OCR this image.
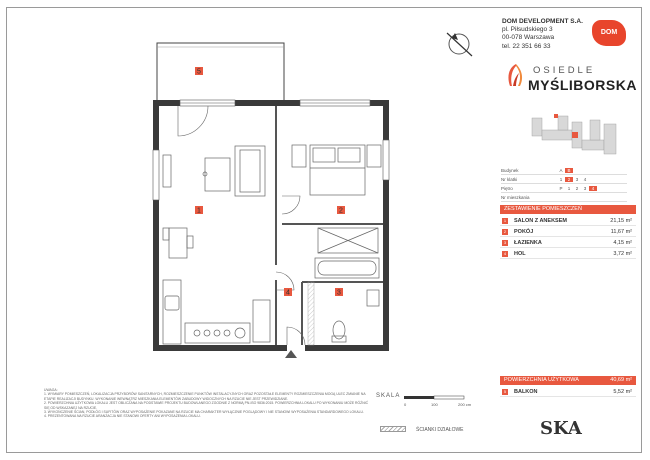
1	2
3
4
5
DOM DEVELOPMENT S.A.
pl. Piłsudskiego 3
00-078 Warszawa
tel. 22 351 66 33
DOM
OSIEDLE
MYŚLIBORSKA
Budynek	A	B
Nr klatki	1	2	3	4
Piętro	P	1	2	3	4
Nr mieszkania
ZESTAWIENIE POMIESZCZEŃ
1	SALON Z ANEKSEM	21,15 m²
2	POKÓJ	11,67 m²
3	ŁAZIENKA	4,15 m²
4	HOL	3,72 m²
POWIERZCHNIA UŻYTKOWA	40,69 m²
5	BALKON	5,52 m²
UWAGA:
1. WYMIARY POMIESZCZEŃ, LOKALIZACJA PRZYBORÓW SANITARNYCH, ROZMIESZCZENIE PUNKTÓW INSTALACYJNYCH ORAZ POZOSTAŁE ELEMENTY ROZMIESZCZENIA MOGĄ ULEC ZMIANIE NA ETAPIE REALIZACJI BUDYNKU. WYKONANIE WEWNĄTRZ MIESZKANIA ELEMENTÓW ZABUDOWY WIDOCZNYCH NA RZUCIE NIE JEST PRZEWIDZIANE.
2. POWIERZCHNIA UŻYTKOWA LOKALU JEST OBLICZANA NA PODSTAWIE PROJEKTU BUDOWLANEGO ZGODNIE Z NORMĄ PN-ISO 9836:2015. POWIERZCHNIA LOKALU PO WYKONANIU MOŻE RÓŻNIĆ SIĘ OD WSKAZANEJ NA RZUCIE.
3. WYKOŃCZENIE ŚCIAN, PODŁÓG I SUFITÓW ORAZ WYPOSAŻENIE POKAZANE NA RZUCIE MA CHARAKTER WYŁĄCZNIE POGLĄDOWY I NIE STANOWI WYPOSAŻENIA STANDARDOWEGO LOKALU.
4. PREZENTOWANA NA RZUCIE ARANŻACJA NIE STANOWI OFERTY ANI WYPOSAŻENIA LOKALU.
SKALA
0	100	200 cm
ŚCIANKI DZIAŁOWE	SKA
